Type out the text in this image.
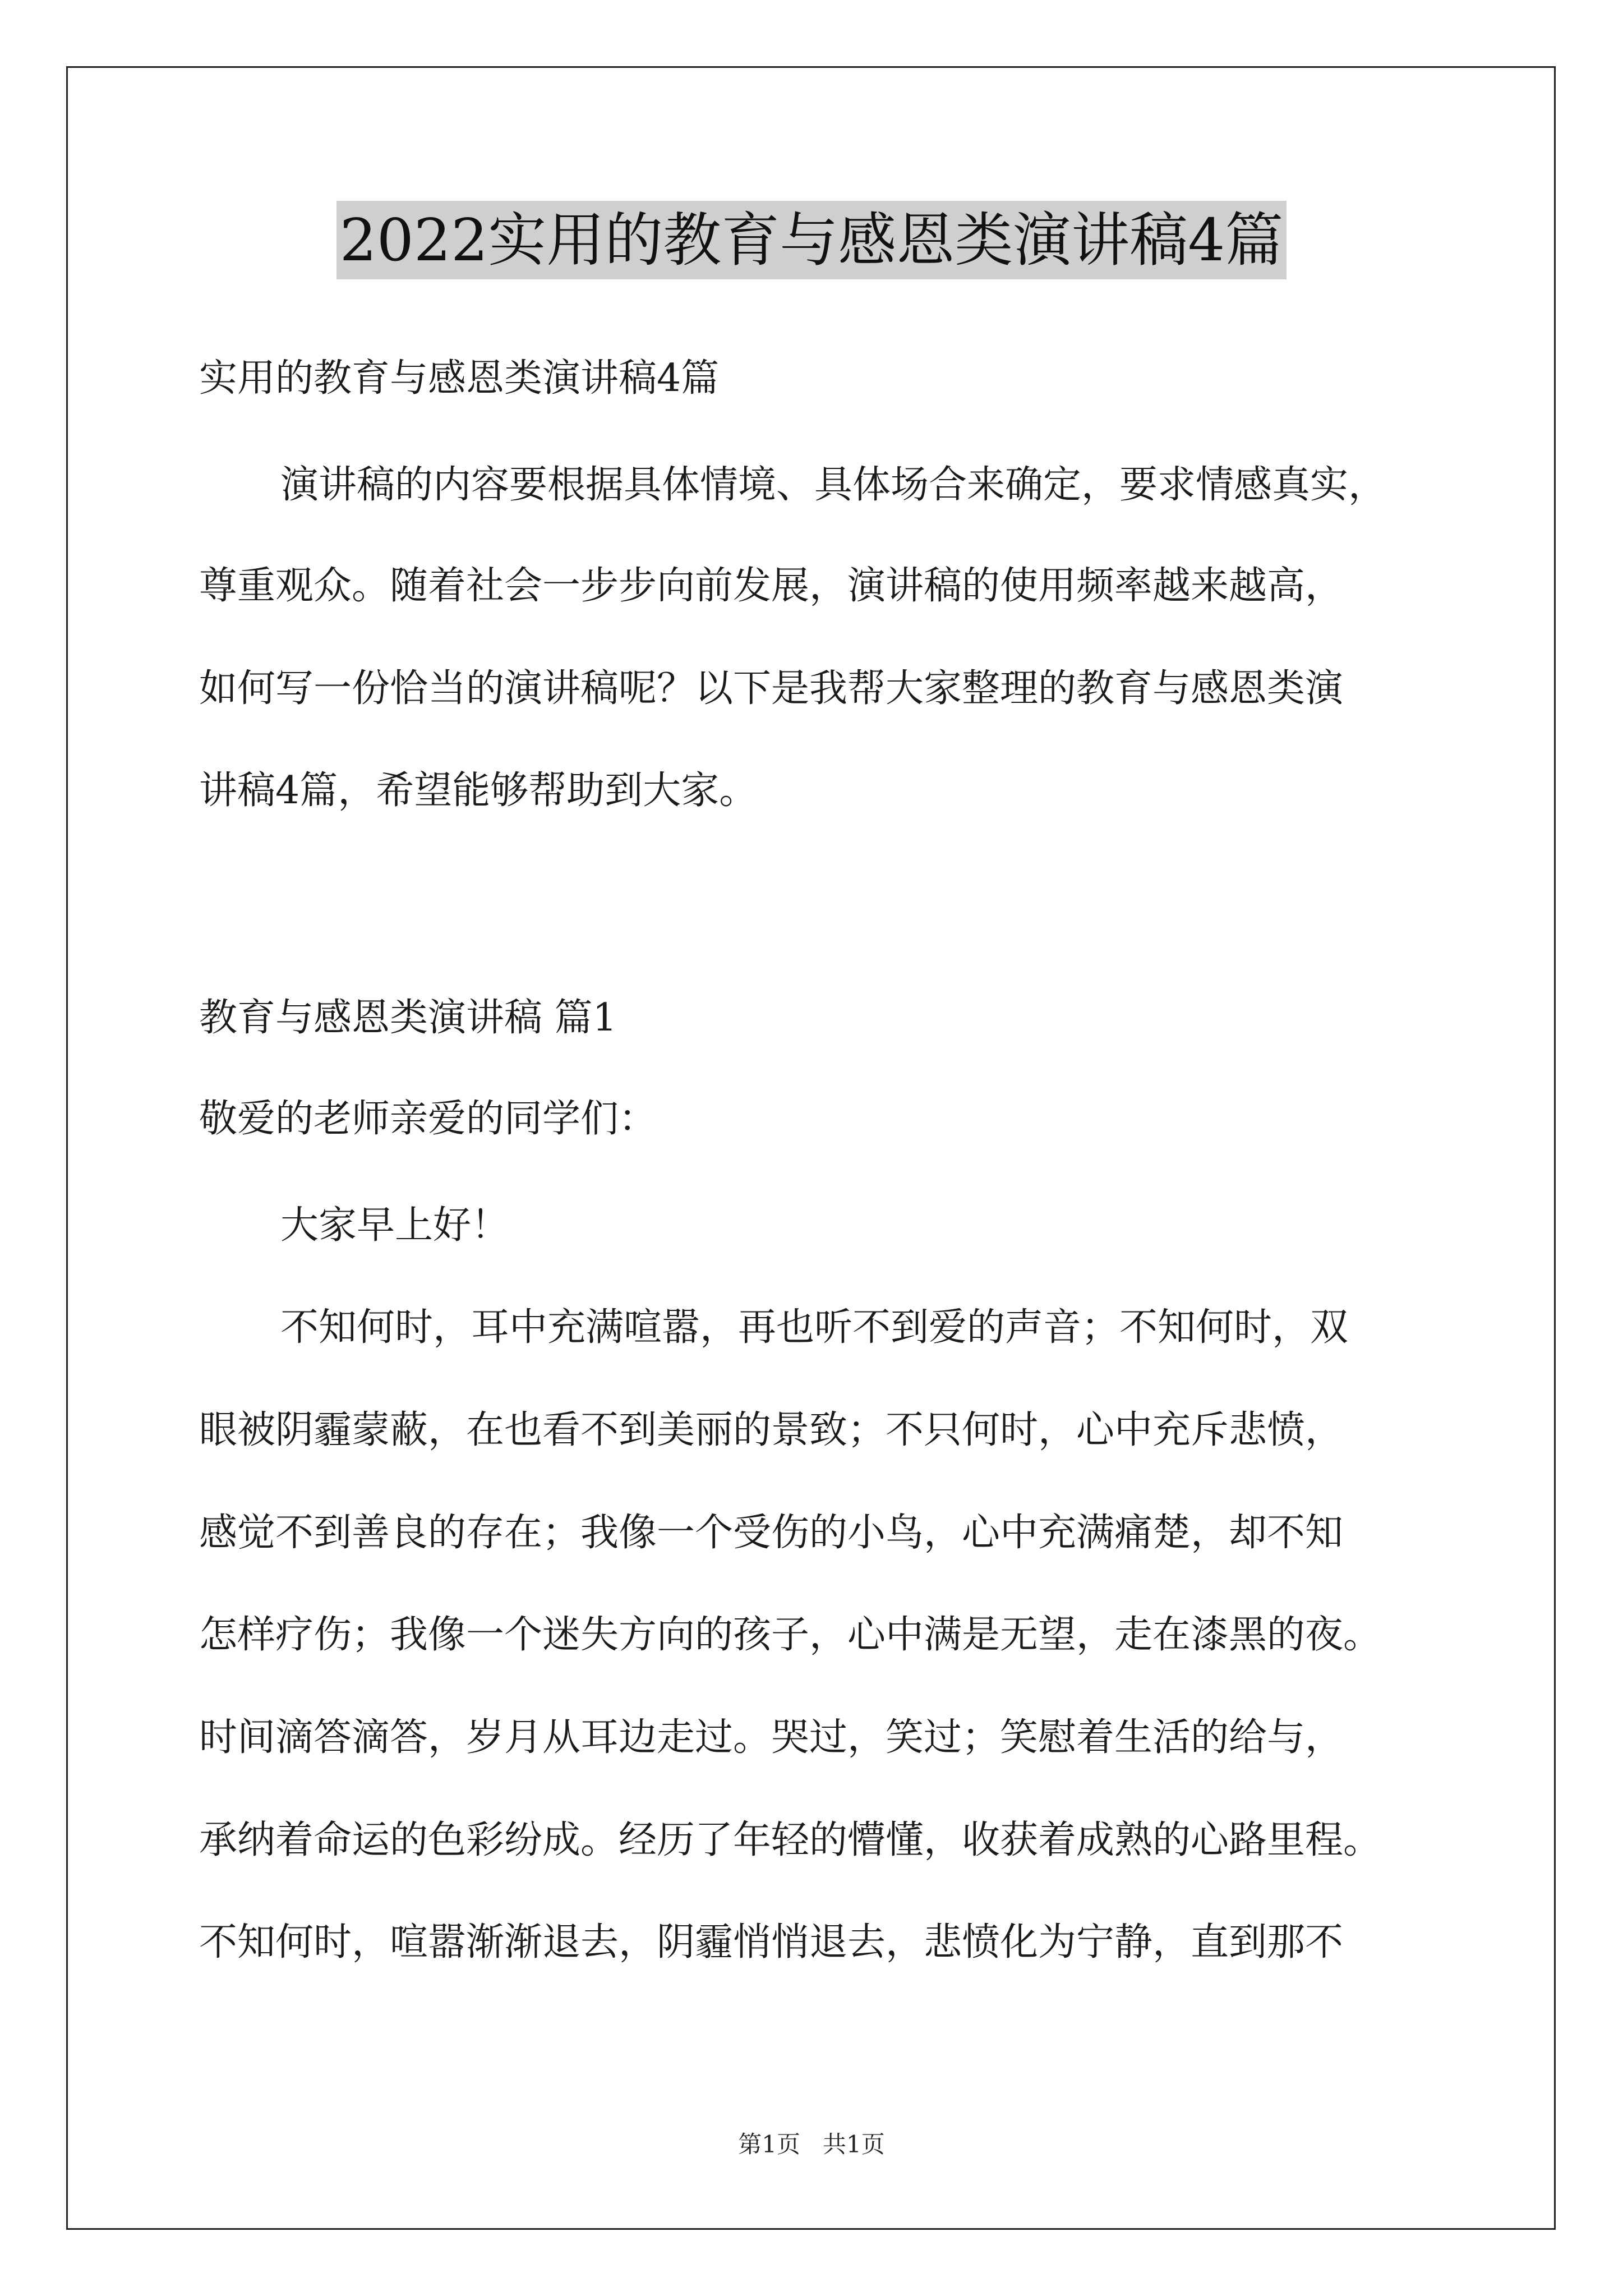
2022实用的教育与感恩类演讲稿4篇
实用的教育与感恩类演讲稿4篇
演讲稿的内容要根据具体情境、具体场合来确定，要求情感真实，
尊重观众。随着社会一步步向前发展，演讲稿的使用频率越来越高，
如何写一份恰当的演讲稿呢？以下是我帮大家整理的教育与感恩类演
讲稿4篇，希望能够帮助到大家。
教育与感恩类演讲稿 篇1
敬爱的老师亲爱的同学们：
大家早上好！
不知何时，耳中充满喧嚣，再也听不到爱的声音；不知何时，双
眼被阴霾蒙蔽，在也看不到美丽的景致；不只何时，心中充斥悲愤，
感觉不到善良的存在；我像一个受伤的小鸟，心中充满痛楚，却不知
怎样疗伤；我像一个迷失方向的孩子，心中满是无望，走在漆黑的夜。
时间滴答滴答，岁月从耳边走过。哭过，笑过；笑慰着生活的给与，
承纳着命运的色彩纷成。经历了年轻的懵懂，收获着成熟的心路里程。
不知何时，喧嚣渐渐退去，阴霾悄悄退去，悲愤化为宁静，直到那不
第1页   共1页
